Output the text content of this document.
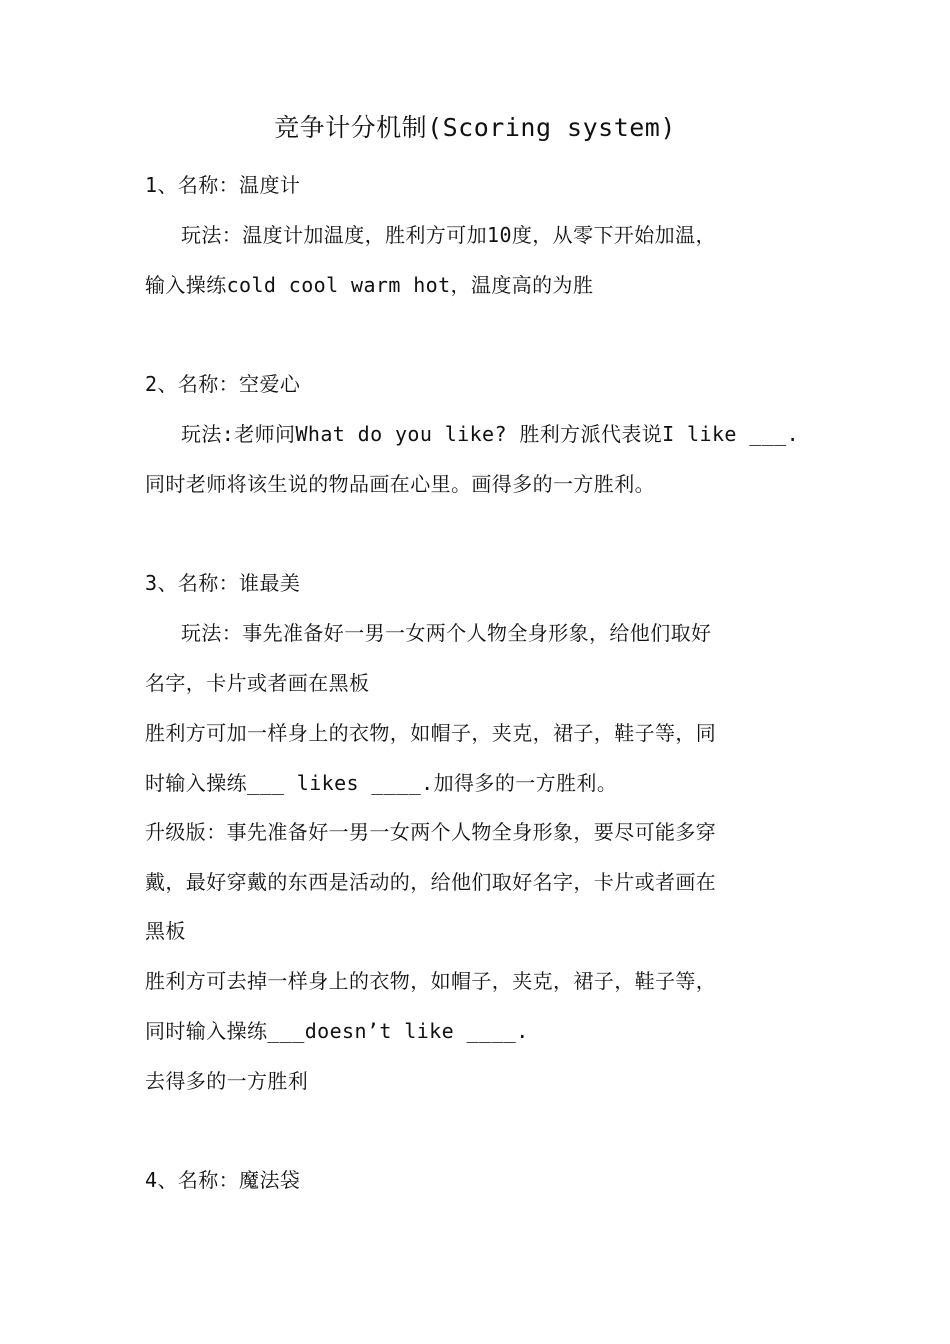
竞争计分机制(Scoring system)
1、名称：温度计
玩法：温度计加温度，胜利方可加10度，从零下开始加温，
输入操练cold cool warm hot，温度高的为胜
2、名称：空爱心
玩法:老师问What do you like? 胜利方派代表说I like ___.
同时老师将该生说的物品画在心里。画得多的一方胜利。
3、名称：谁最美
玩法：事先准备好一男一女两个人物全身形象，给他们取好
名字，卡片或者画在黑板
胜利方可加一样身上的衣物，如帽子，夹克，裙子，鞋子等，同
时输入操练___ likes ____.加得多的一方胜利。
升级版：事先准备好一男一女两个人物全身形象，要尽可能多穿
戴，最好穿戴的东西是活动的，给他们取好名字，卡片或者画在
黑板
胜利方可去掉一样身上的衣物，如帽子，夹克，裙子，鞋子等，
同时输入操练___doesn’t like ____.
去得多的一方胜利
4、名称：魔法袋
